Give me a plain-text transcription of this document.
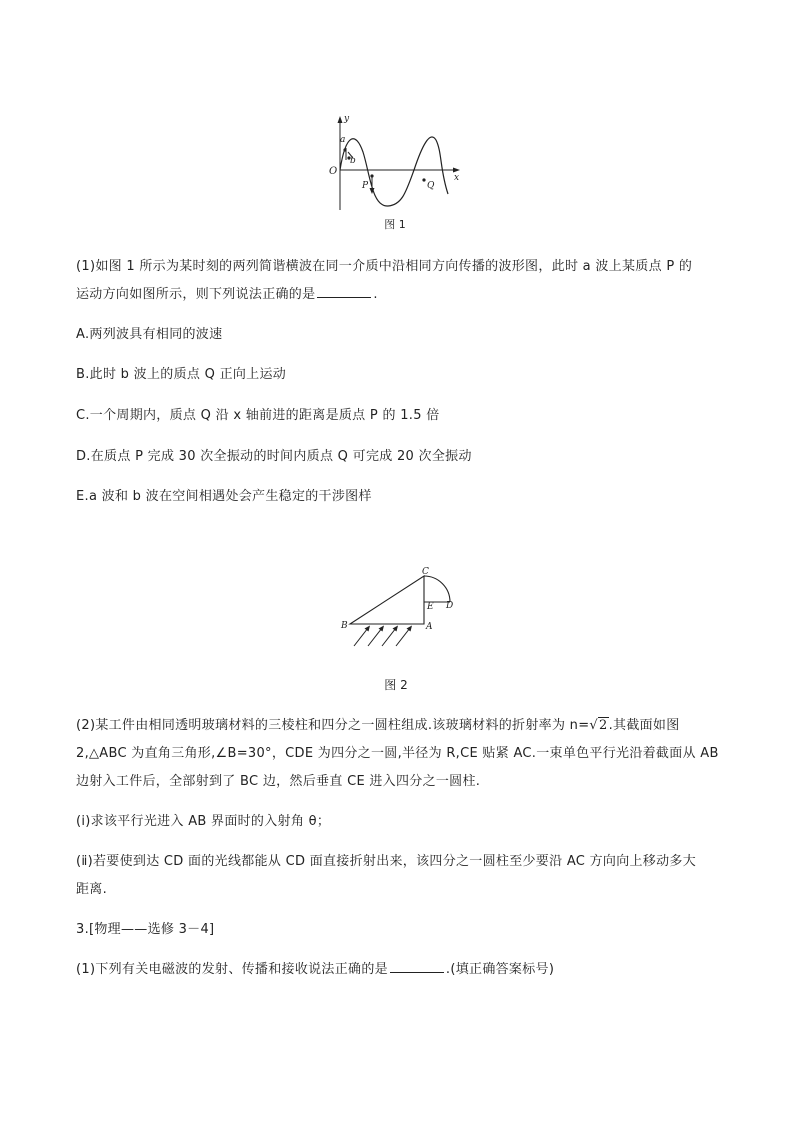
y
x
O
a
b
P	Q
图 1
(1)如图 1 所示为某时刻的两列简谐横波在同一介质中沿相同方向传播的波形图，此时 a 波上某质点 P 的
运动方向如图所示，则下列说法正确的是	.
A.两列波具有相同的波速
B.此时 b 波上的质点 Q 正向上运动
C.一个周期内，质点 Q 沿 x 轴前进的距离是质点 P 的 1.5 倍
D.在质点 P 完成 30 次全振动的时间内质点 Q 可完成 20 次全振动
E.a 波和 b 波在空间相遇处会产生稳定的干涉图样
A
B
C
D
E
图 2
(2)某工件由相同透明玻璃材料的三棱柱和四分之一圆柱组成.该玻璃材料的折射率为 n=√2.其截面如图
2,△ABC 为直角三角形,∠B=30°，CDE 为四分之一圆,半径为 R,CE 贴紧 AC.一束单色平行光沿着截面从 AB
边射入工件后，全部射到了 BC 边，然后垂直 CE 进入四分之一圆柱.
(ⅰ)求该平行光进入 AB 界面时的入射角 θ；
(ⅱ)若要使到达 CD 面的光线都能从 CD 面直接折射出来，该四分之一圆柱至少要沿 AC 方向向上移动多大
距离.
3.[物理——选修 3－4]
(1)下列有关电磁波的发射、传播和接收说法正确的是	.(填正确答案标号)
